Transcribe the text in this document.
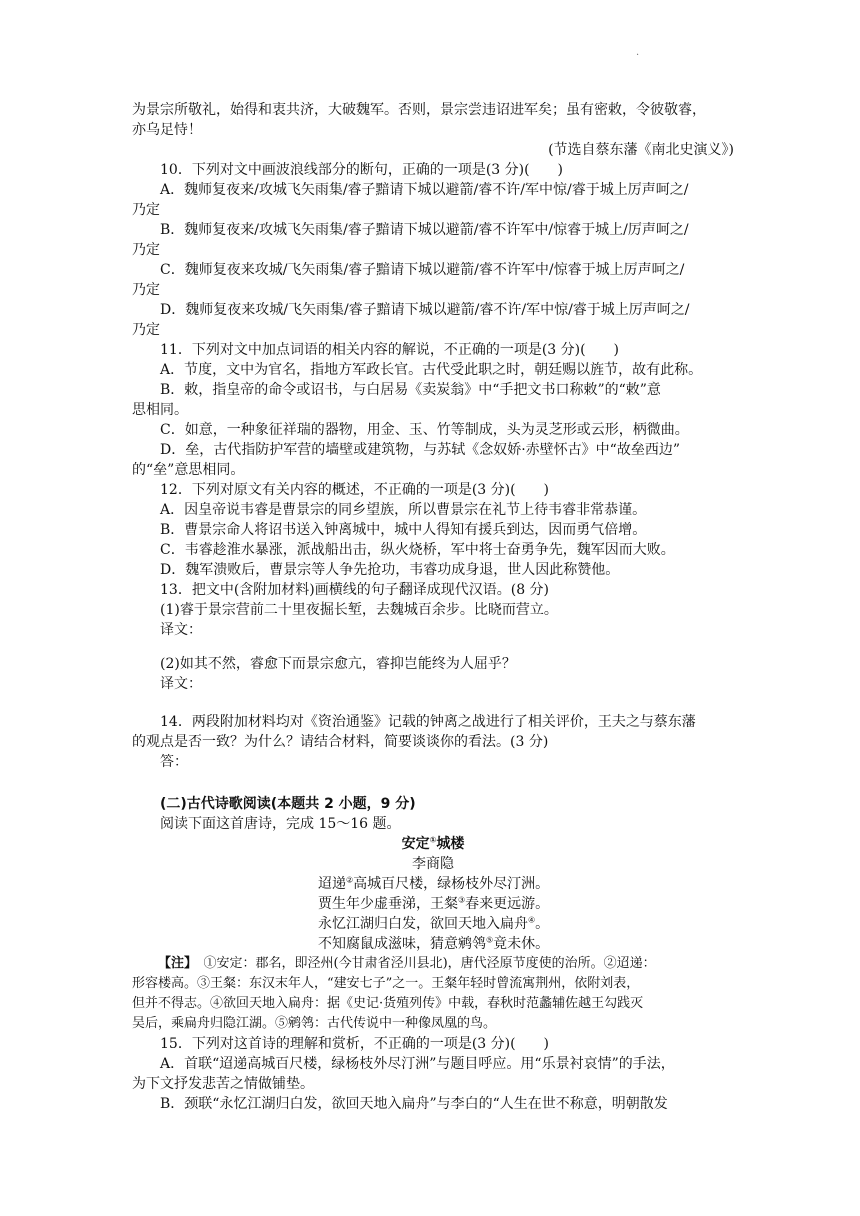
·

为景宗所敬礼，始得和衷共济，大破魏军。否则，景宗尝违诏进军矣；虽有密敕，令彼敬睿，

亦乌足恃！

(节选自蔡东藩《南北史演义》)

10．下列对文中画波浪线部分的断句，正确的一项是(3 分)(　　)

A．魏师复夜来/攻城飞矢雨集/睿子黯请下城以避箭/睿不许/军中惊/睿于城上厉声呵之/

乃定

B．魏师复夜来/攻城飞矢雨集/睿子黯请下城以避箭/睿不许军中/惊睿于城上/厉声呵之/

乃定

C．魏师复夜来攻城/飞矢雨集/睿子黯请下城以避箭/睿不许军中/惊睿于城上厉声呵之/

乃定

D．魏师复夜来攻城/飞矢雨集/睿子黯请下城以避箭/睿不许/军中惊/睿于城上厉声呵之/

乃定

11．下列对文中加点词语的相关内容的解说，不正确的一项是(3 分)(　　)

A．节度，文中为官名，指地方军政长官。古代受此职之时，朝廷赐以旌节，故有此称。

B．敕，指皇帝的命令或诏书，与白居易《卖炭翁》中“手把文书口称敕”的“敕”意

思相同。

C．如意，一种象征祥瑞的器物，用金、玉、竹等制成，头为灵芝形或云形，柄微曲。

D．垒，古代指防护军营的墙壁或建筑物，与苏轼《念奴娇·赤壁怀古》中“故垒西边”

的“垒”意思相同。

12．下列对原文有关内容的概述，不正确的一项是(3 分)(　　)

A．因皇帝说韦睿是曹景宗的同乡望族，所以曹景宗在礼节上待韦睿非常恭谨。

B．曹景宗命人将诏书送入钟离城中，城中人得知有援兵到达，因而勇气倍增。

C．韦睿趁淮水暴涨，派战船出击，纵火烧桥，军中将士奋勇争先，魏军因而大败。

D．魏军溃败后，曹景宗等人争先抢功，韦睿功成身退，世人因此称赞他。

13．把文中(含附加材料)画横线的句子翻译成现代汉语。(8 分)

(1)睿于景宗营前二十里夜掘长堑，去魏城百余步。比晓而营立。

译文：

(2)如其不然，睿愈下而景宗愈亢，睿抑岂能终为人屈乎？

译文：

14．两段附加材料均对《资治通鉴》记载的钟离之战进行了相关评价，王夫之与蔡东藩

的观点是否一致？为什么？请结合材料，简要谈谈你的看法。(3 分)

答：

(二)古代诗歌阅读(本题共 2 小题，9 分)

阅读下面这首唐诗，完成 15～16 题。

安定①城楼

李商隐

迢递②高城百尺楼，绿杨枝外尽汀洲。

贾生年少虚垂涕，王粲③春来更远游。

永忆江湖归白发，欲回天地入扁舟④。

不知腐鼠成滋味，猜意鹓鸰⑤竟未休。

【注】　①安定：郡名，即泾州(今甘肃省泾川县北)，唐代泾原节度使的治所。②迢递：

形容楼高。③王粲：东汉末年人，“建安七子”之一。王粲年轻时曾流寓荆州，依附刘表，

但并不得志。④欲回天地入扁舟：据《史记·货殖列传》中载，春秋时范蠡辅佐越王勾践灭

吴后，乘扁舟归隐江湖。⑤鹓鸰：古代传说中一种像凤凰的鸟。

15．下列对这首诗的理解和赏析，不正确的一项是(3 分)(　　)

A．首联“迢递高城百尺楼，绿杨枝外尽汀洲”与题目呼应。用“乐景衬哀情”的手法，

为下文抒发悲苦之情做铺垫。

B．颈联“永忆江湖归白发，欲回天地入扁舟”与李白的“人生在世不称意，明朝散发
